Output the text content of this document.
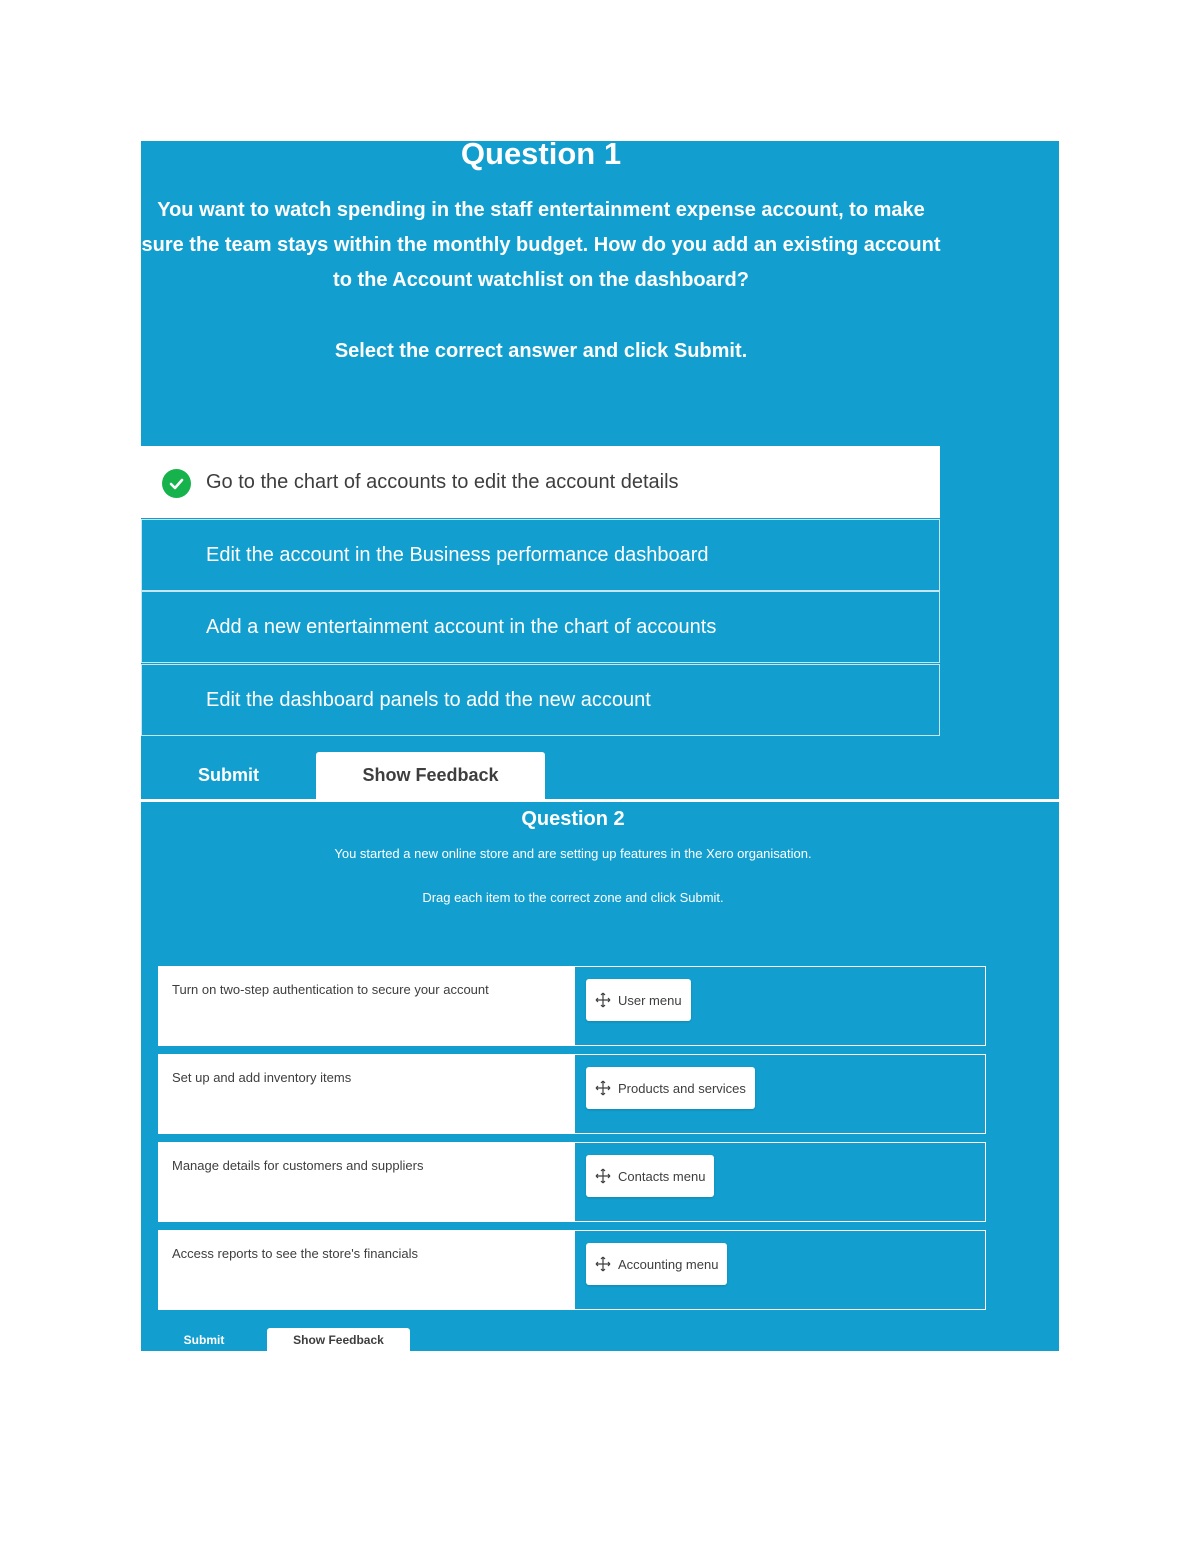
Question 1

You want to watch spending in the staff entertainment expense account, to make sure the team stays within the monthly budget. How do you add an existing account to the Account watchlist on the dashboard?

Select the correct answer and click Submit.

Go to the chart of accounts to edit the account details
Edit the account in the Business performance dashboard
Add a new entertainment account in the chart of accounts
Edit the dashboard panels to add the new account
Submit	Show Feedback
Question 2

You started a new online store and are setting up features in the Xero organisation.

Drag each item to the correct zone and click Submit.

Turn on two-step authentication to secure your account
User menu
Set up and add inventory items
Products and services
Manage details for customers and suppliers
Contacts menu
Access reports to see the store's financials
Accounting menu
Submit	Show Feedback
